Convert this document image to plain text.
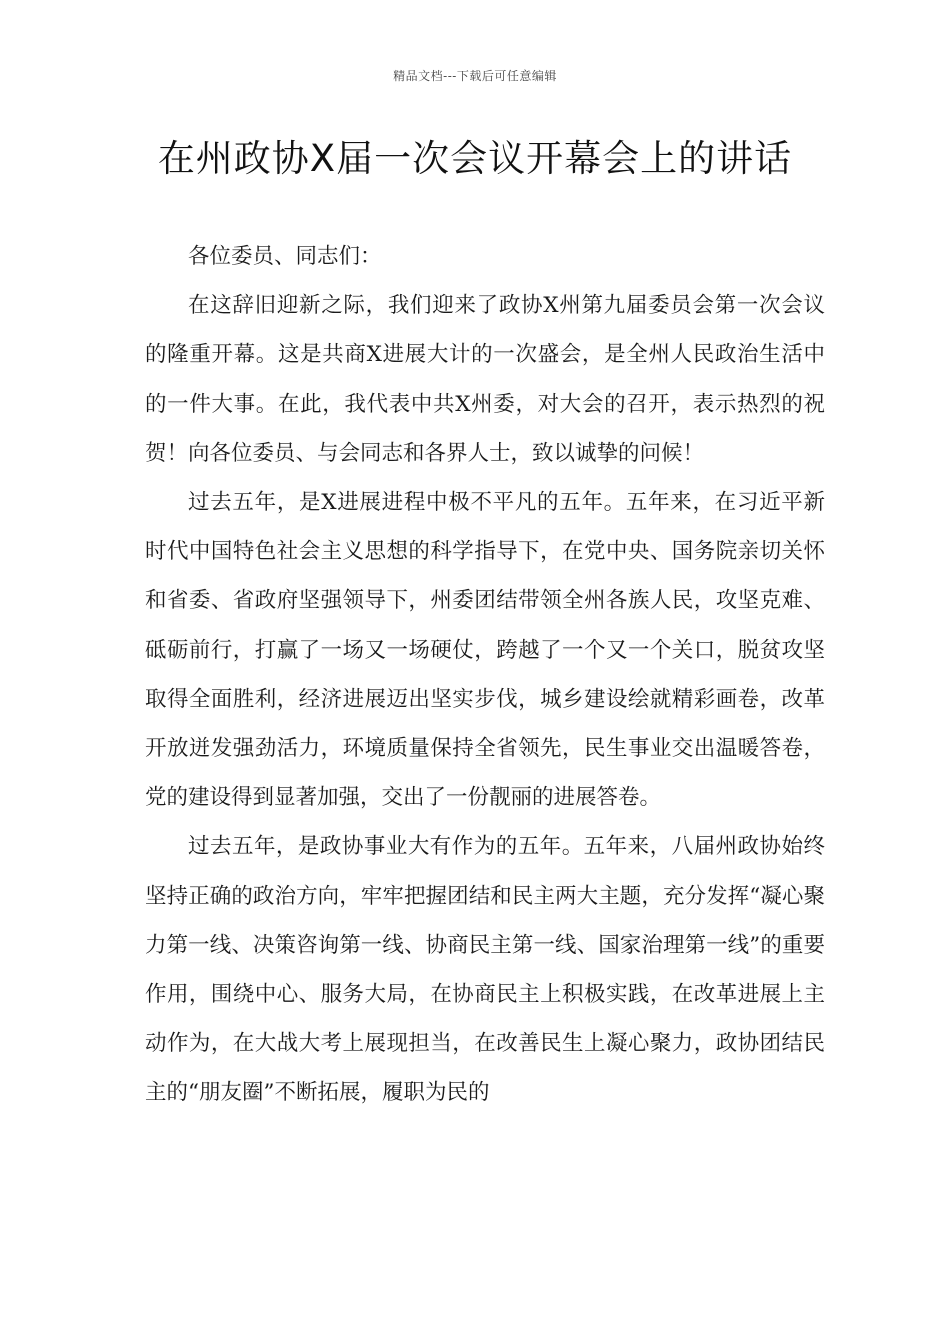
精品文档---下载后可任意编辑
在州政协X届一次会议开幕会上的讲话

各位委员、同志们：

在这辞旧迎新之际，我们迎来了政协X州第九届委员会第一次会议的隆重开幕。这是共商X进展大计的一次盛会，是全州人民政治生活中的一件大事。在此，我代表中共X州委，对大会的召开，表示热烈的祝贺！向各位委员、与会同志和各界人士，致以诚挚的问候！

过去五年，是X进展进程中极不平凡的五年。五年来，在习近平新时代中国特色社会主义思想的科学指导下，在党中央、国务院亲切关怀和省委、省政府坚强领导下，州委团结带领全州各族人民，攻坚克难、砥砺前行，打赢了一场又一场硬仗，跨越了一个又一个关口，脱贫攻坚取得全面胜利，经济进展迈出坚实步伐，城乡建设绘就精彩画卷，改革开放迸发强劲活力，环境质量保持全省领先，民生事业交出温暖答卷，党的建设得到显著加强，交出了一份靓丽的进展答卷。

过去五年，是政协事业大有作为的五年。五年来，八届州政协始终坚持正确的政治方向，牢牢把握团结和民主两大主题，充分发挥“凝心聚力第一线、决策咨询第一线、协商民主第一线、国家治理第一线”的重要作用，围绕中心、服务大局，在协商民主上积极实践，在改革进展上主动作为，在大战大考上展现担当，在改善民生上凝心聚力，政协团结民主的“朋友圈”不断拓展，履职为民的
